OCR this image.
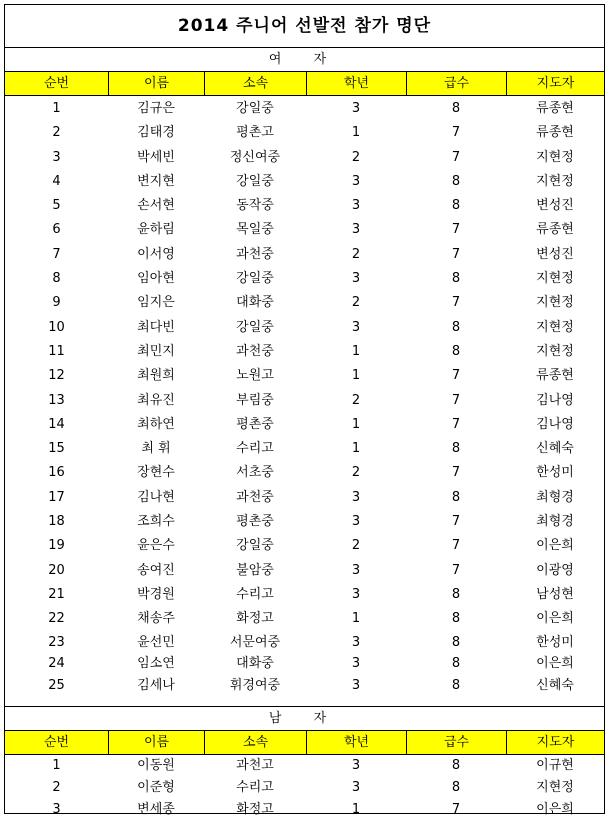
2014 주니어 선발전 참가 명단
여 자
순번	이름	소속	학년	급수	지도자
1	김규은	강일중	3	8	류종현
2	김태경	평촌고	1	7	류종현
3	박세빈	정신여중	2	7	지현정
4	변지현	강일중	3	8	지현정
5	손서현	동작중	3	8	변성진
6	윤하림	목일중	3	7	류종현
7	이서영	과천중	2	7	변성진
8	임아현	강일중	3	8	지현정
9	임지은	대화중	2	7	지현정
10	최다빈	강일중	3	8	지현정
11	최민지	과천중	1	8	지현정
12	최원희	노원고	1	7	류종현
13	최유진	부림중	2	7	김나영
14	최하연	평촌중	1	7	김나영
15	최 휘	수리고	1	8	신혜숙
16	장현수	서초중	2	7	한성미
17	김나현	과천중	3	8	최형경
18	조희수	평촌중	3	7	최형경
19	윤은수	강일중	2	7	이은희
20	송여진	불암중	3	7	이광영
21	박경원	수리고	3	8	남성현
22	채송주	화정고	1	8	이은희
23	윤선민	서문여중	3	8	한성미
24	임소연	대화중	3	8	이은희
25	김세나	휘경여중	3	8	신혜숙
남 자
순번	이름	소속	학년	급수	지도자
1	이동원	과천고	3	8	이규현
2	이준형	수리고	3	8	지현정
3	변세종	화정고	1	7	이은희
